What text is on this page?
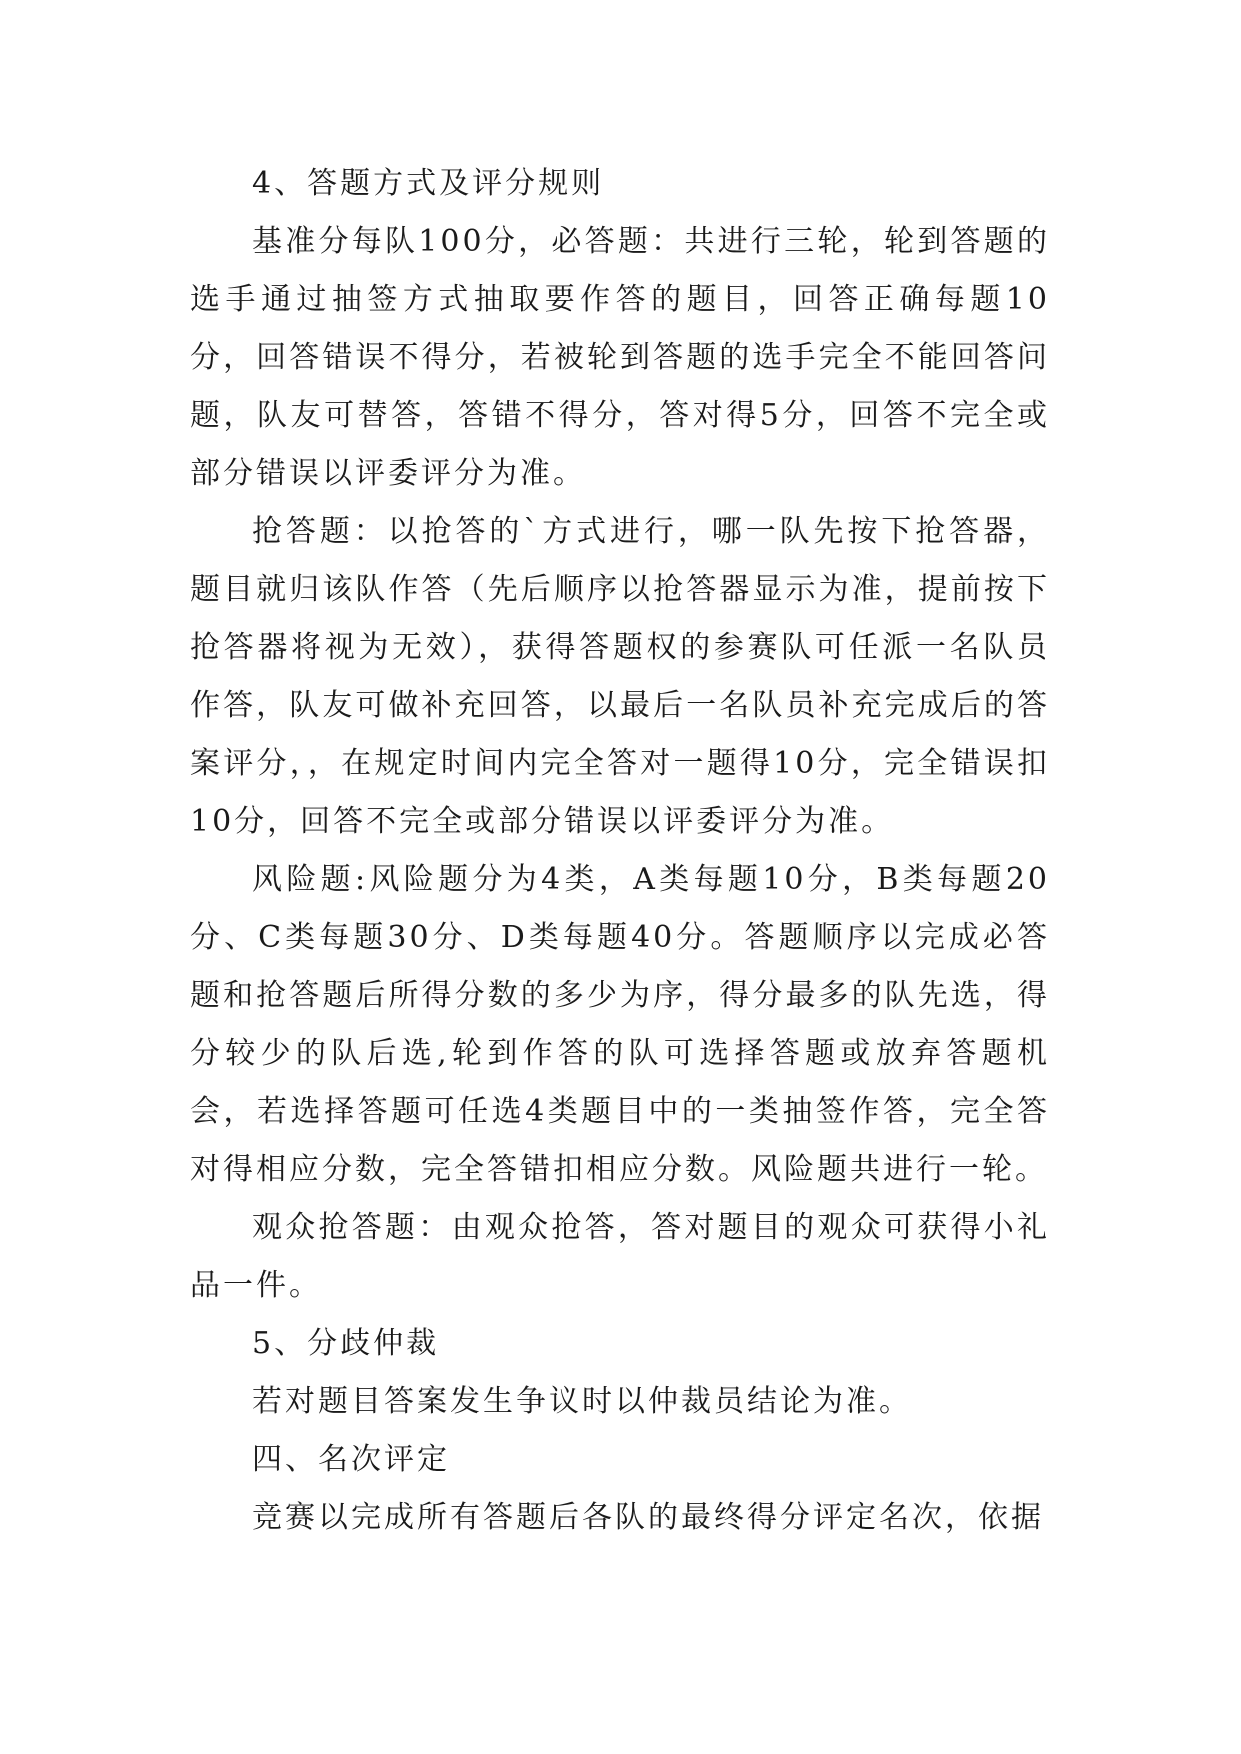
4、答题方式及评分规则

基准分每队100分，必答题：共进行三轮，轮到答题的选手通过抽签方式抽取要作答的题目，回答正确每题10分，回答错误不得分，若被轮到答题的选手完全不能回答问题，队友可替答，答错不得分，答对得5分，回答不完全或部分错误以评委评分为准。

抢答题：以抢答的`方式进行，哪一队先按下抢答器，题目就归该队作答（先后顺序以抢答器显示为准，提前按下抢答器将视为无效），获得答题权的参赛队可任派一名队员作答，队友可做补充回答，以最后一名队员补充完成后的答案评分，，在规定时间内完全答对一题得10分，完全错误扣10分，回答不完全或部分错误以评委评分为准。

风险题:风险题分为4类，A类每题10分，B类每题20分、C类每题30分、D类每题40分。答题顺序以完成必答题和抢答题后所得分数的多少为序，得分最多的队先选，得分较少的队后选,轮到作答的队可选择答题或放弃答题机会，若选择答题可任选4类题目中的一类抽签作答，完全答对得相应分数，完全答错扣相应分数。风险题共进行一轮。

观众抢答题：由观众抢答，答对题目的观众可获得小礼品一件。

5、分歧仲裁

若对题目答案发生争议时以仲裁员结论为准。

四、名次评定

竞赛以完成所有答题后各队的最终得分评定名次，依据
